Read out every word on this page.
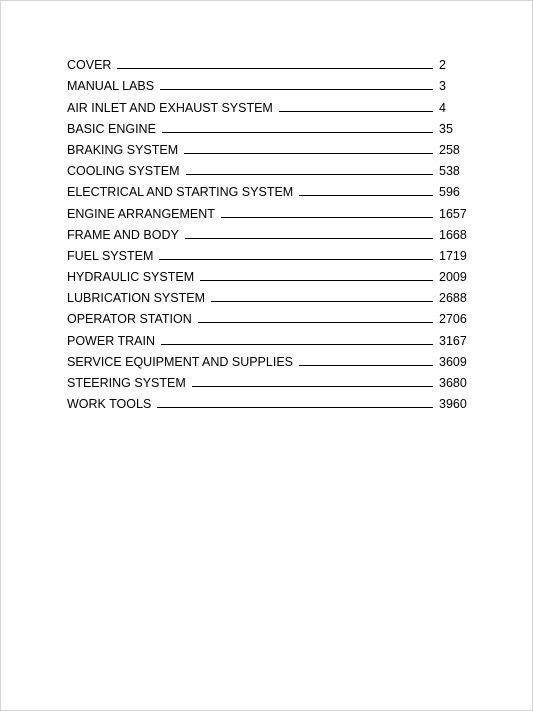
COVER	2
MANUAL LABS	3
AIR INLET AND EXHAUST SYSTEM	4
BASIC ENGINE	35
BRAKING SYSTEM	258
COOLING SYSTEM	538
ELECTRICAL AND STARTING SYSTEM	596
ENGINE ARRANGEMENT	1657
FRAME AND BODY	1668
FUEL SYSTEM	1719
HYDRAULIC SYSTEM	2009
LUBRICATION SYSTEM	2688
OPERATOR STATION	2706
POWER TRAIN	3167
SERVICE EQUIPMENT AND SUPPLIES	3609
STEERING SYSTEM	3680
WORK TOOLS	3960
